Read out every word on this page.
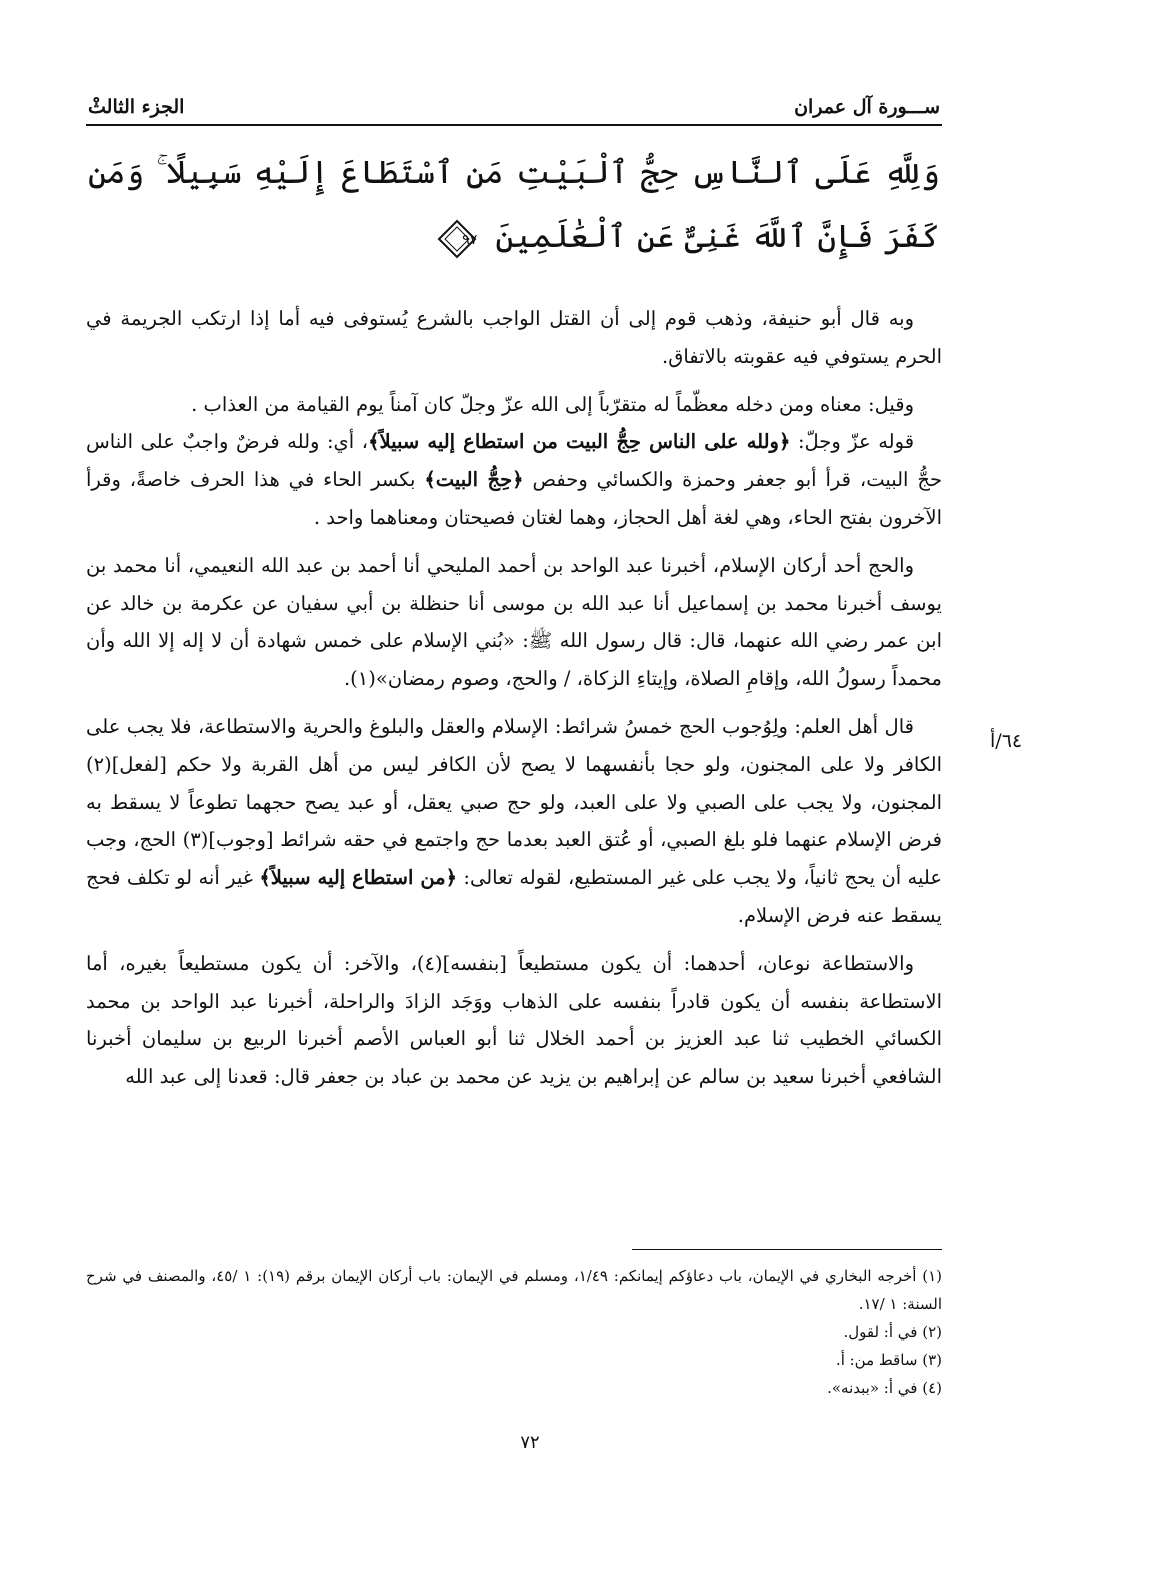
ســـورة آل عمران
الجزء الثالثْ
وَلِلَّهِ عَلَى ٱلنَّاسِ حِجُّ ٱلْبَيْتِ مَنِ ٱسْتَطَاعَ إِلَيْهِ سَبِيلًا ۚ وَمَن كَفَرَ فَإِنَّ ٱللَّهَ غَنِىٌّ عَنِ ٱلْعَٰلَمِينَ
٩٧

وبه قال أبو حنيفة، وذهب قوم إلى أن القتل الواجب بالشرع يُستوفى فيه أما إذا ارتكب الجريمة في الحرم يستوفي فيه عقوبته بالاتفاق.

وقيل: معناه ومن دخله معظّماً له متقرّباً إلى الله عزّ وجلّ كان آمناً يوم القيامة من العذاب .

قوله عزّ وجلّ: ﴿ولله على الناس حِجُّ البيت من استطاع إليه سبيلاً﴾، أي: ولله فرضٌ واجبٌ على الناس حجُّ البيت، قرأ أبو جعفر وحمزة والكسائي وحفص ﴿حِجُّ البيت﴾ بكسر الحاء في هذا الحرف خاصةً، وقرأ الآخرون بفتح الحاء، وهي لغة أهل الحجاز، وهما لغتان فصيحتان ومعناهما واحد .

والحج أحد أركان الإسلام، أخبرنا عبد الواحد بن أحمد المليحي أنا أحمد بن عبد الله النعيمي، أنا محمد بن يوسف أخبرنا محمد بن إسماعيل أنا عبد الله بن موسى أنا حنظلة بن أبي سفيان عن عكرمة بن خالد عن ابن عمر رضي الله عنهما، قال: قال رسول الله ﷺ: «بُني الإسلام على خمس شهادة أن لا إله إلا الله وأن محمداً رسولُ الله، وإقامِ الصلاة، وإيتاءِ الزكاة، / والحج، وصوم رمضان»(١).

قال أهل العلم: ولِوُجوب الحج خمسُ شرائط: الإسلام والعقل والبلوغ والحرية والاستطاعة، فلا يجب على الكافر ولا على المجنون، ولو حجا بأنفسهما لا يصح لأن الكافر ليس من أهل القربة ولا حكم [لفعل](٢) المجنون، ولا يجب على الصبي ولا على العبد، ولو حج صبي يعقل، أو عبد يصح حجهما تطوعاً لا يسقط به فرض الإسلام عنهما فلو بلغ الصبي، أو عُتق العبد بعدما حج واجتمع في حقه شرائط [وجوب](٣) الحج، وجب عليه أن يحج ثانياً، ولا يجب على غير المستطيع، لقوله تعالى: ﴿من استطاع إليه سبيلاً﴾ غير أنه لو تكلف فحج يسقط عنه فرض الإسلام.

والاستطاعة نوعان، أحدهما: أن يكون مستطيعاً [بنفسه](٤)، والآخر: أن يكون مستطيعاً بغيره، أما الاستطاعة بنفسه أن يكون قادراً بنفسه على الذهاب ووَجَد الزادَ والراحلة، أخبرنا عبد الواحد بن محمد الكسائي الخطيب ثنا عبد العزيز بن أحمد الخلال ثنا أبو العباس الأصم أخبرنا الربيع بن سليمان أخبرنا الشافعي أخبرنا سعيد بن سالم عن إبراهيم بن يزيد عن محمد بن عباد بن جعفر قال: قعدنا إلى عبد الله

٦٤/أ
(١) أخرجه البخاري في الإيمان، باب دعاؤكم إيمانكم: ١/٤٩، ومسلم في الإيمان: باب أركان الإيمان برقم (١٩): ١ /٤٥، والمصنف في شرح السنة: ١ /١٧.
(٢) في أ: لقول.
(٣) ساقط من: أ.
(٤) في أ: «ببدنه».
٧٢
